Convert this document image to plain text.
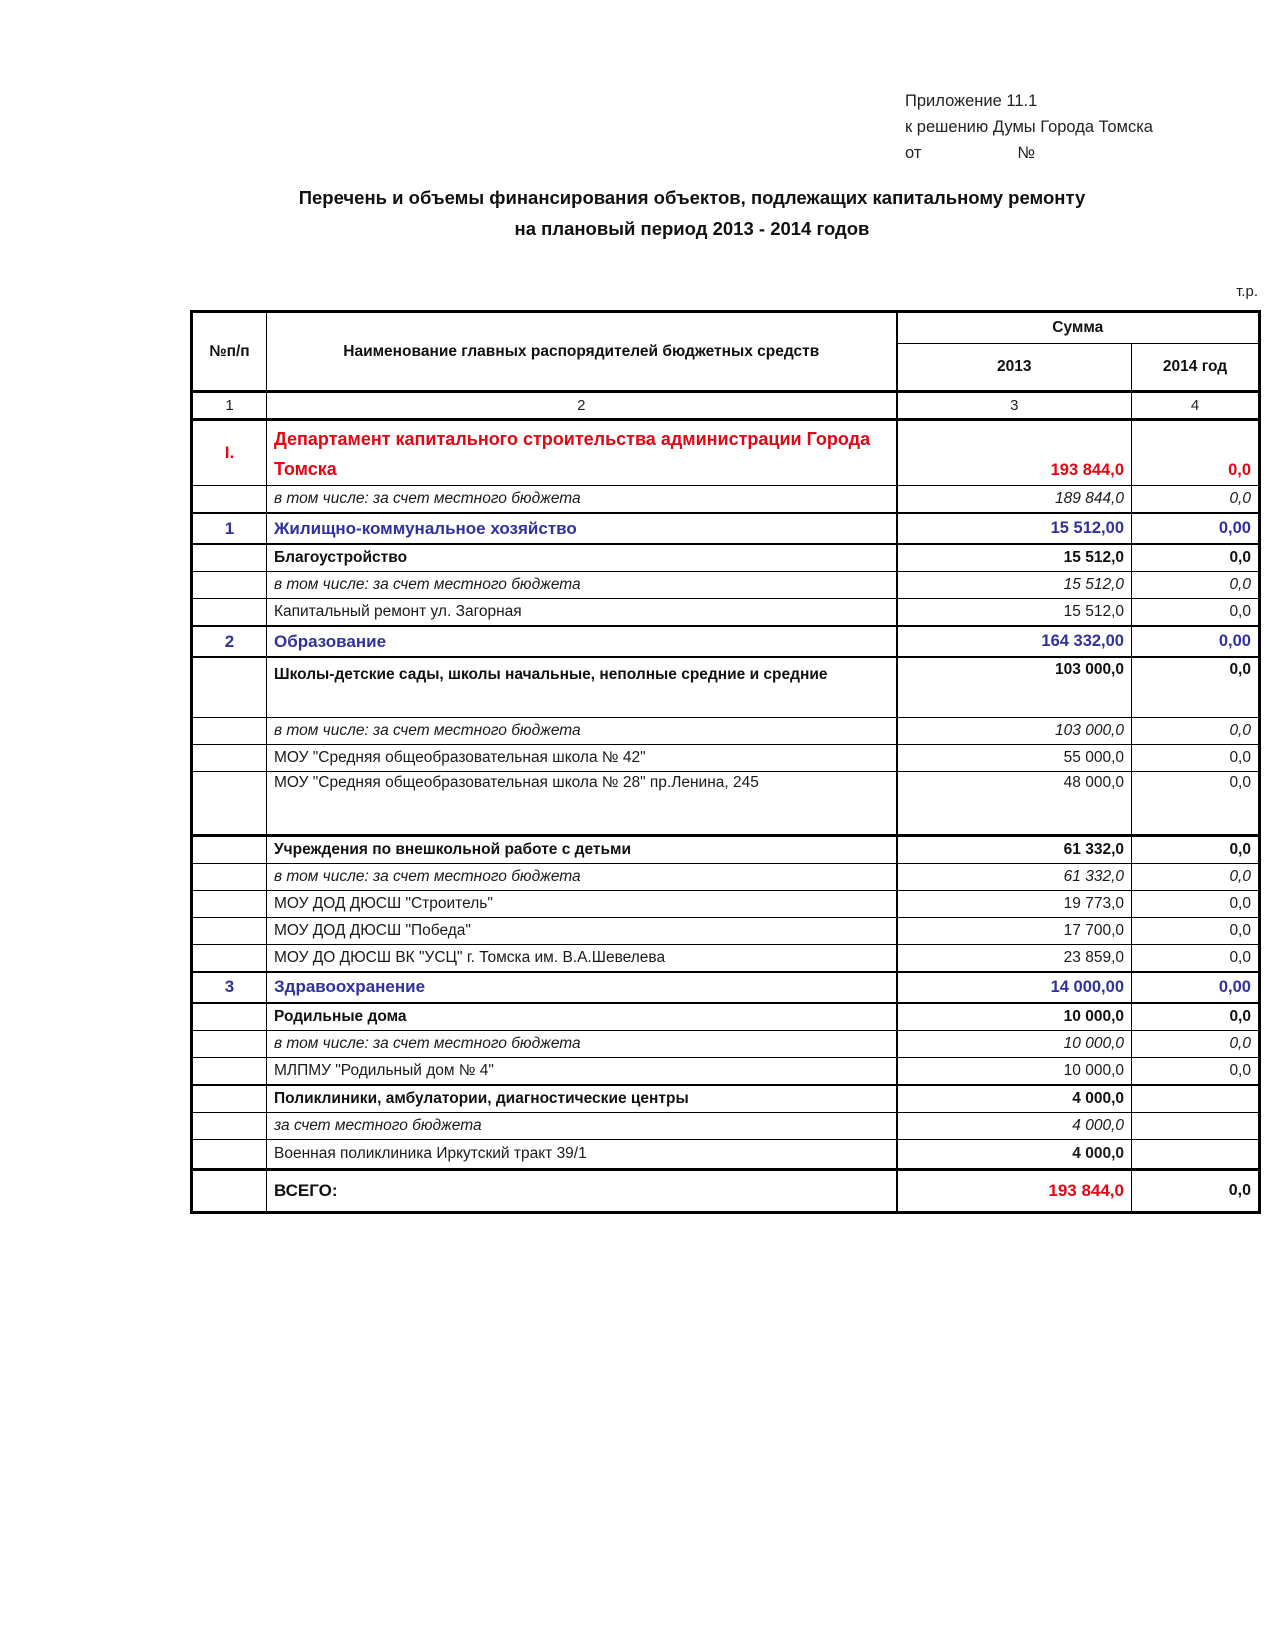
Приложение 11.1
к решению Думы Города Томска
от	№
Перечень и объемы финансирования объектов, подлежащих капитальному ремонту
на плановый период 2013 - 2014 годов
т.р.
№п/п	Наименование главных распорядителей бюджетных средств	Сумма	
		2013	2014 год
1	2	3	4
I.	Департамент капитального строительства администрации Города Томска	193 844,0	0,0
	в том числе: за счет местного бюджета	189 844,0	0,0
1	Жилищно-коммунальное хозяйство	15 512,00	0,00
	Благоустройство	15 512,0	0,0
	в том числе: за счет местного бюджета	15 512,0	0,0
	Капитальный ремонт ул. Загорная	15 512,0	0,0
2	Образование	164 332,00	0,00
	Школы-детские сады, школы начальные, неполные средние и средние	103 000,0	0,0
	в том числе: за счет местного бюджета	103 000,0	0,0
	МОУ "Средняя общеобразовательная школа № 42"	55 000,0	0,0
	МОУ "Средняя общеобразовательная школа № 28" пр.Ленина, 245	48 000,0	0,0
	Учреждения по внешкольной работе с детьми	61 332,0	0,0
	в том числе: за счет местного бюджета	61 332,0	0,0
	МОУ ДОД ДЮСШ "Строитель"	19 773,0	0,0
	МОУ ДОД ДЮСШ "Победа"	17 700,0	0,0
	МОУ ДО ДЮСШ ВК "УСЦ" г. Томска им. В.А.Шевелева	23 859,0	0,0
3	Здравоохранение	14 000,00	0,00
	Родильные дома	10 000,0	0,0
	в том числе: за счет местного бюджета	10 000,0	0,0
	МЛПМУ "Родильный дом № 4"	10 000,0	0,0
	Поликлиники, амбулатории, диагностические центры	4 000,0	
	за счет местного бюджета	4 000,0	
	Военная поликлиника Иркутский тракт 39/1	4 000,0	
	ВСЕГО:	193 844,0	0,0
